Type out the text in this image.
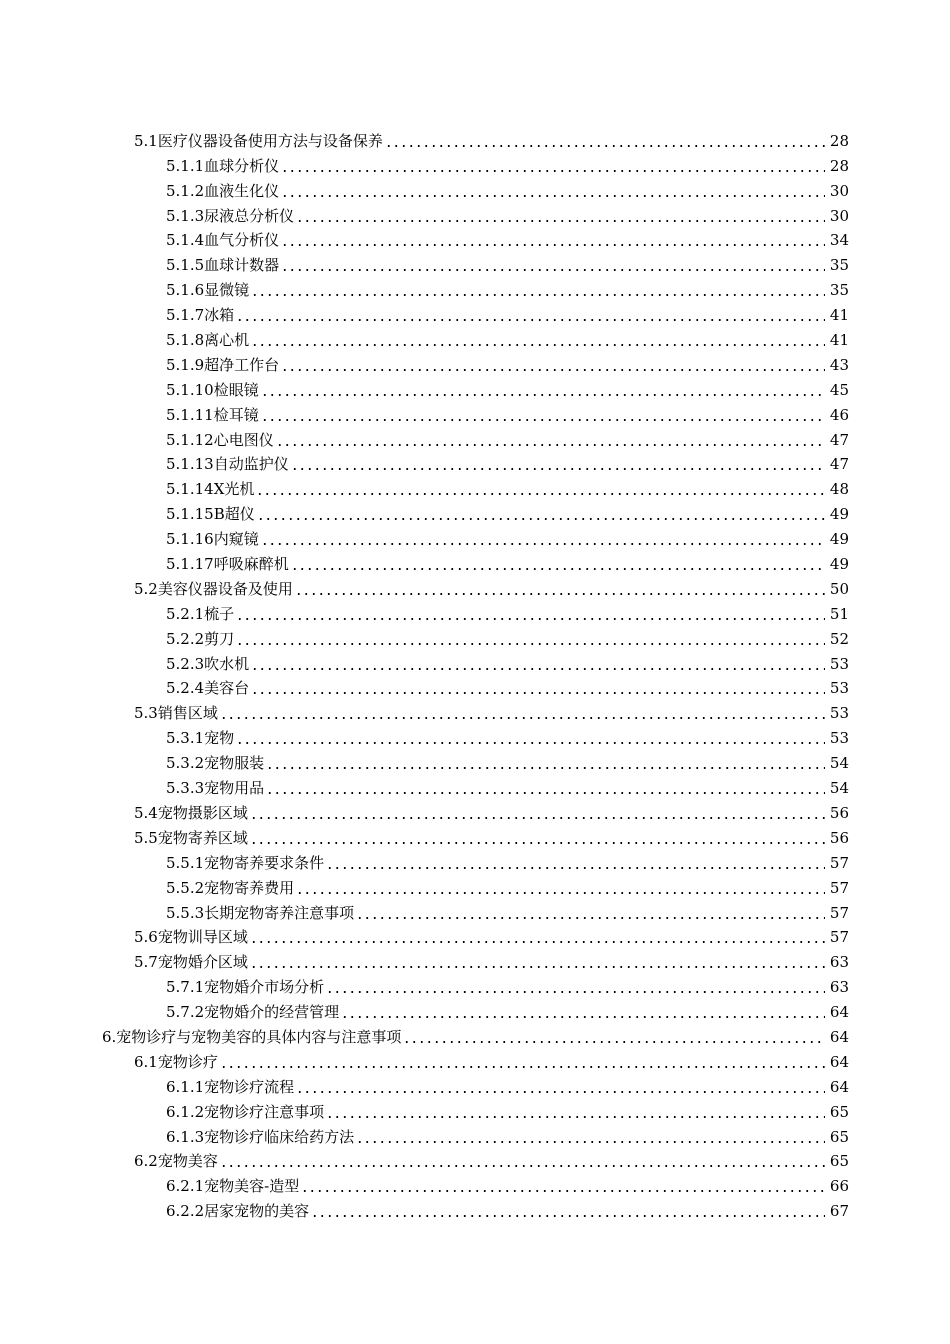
5.1医疗仪器设备使用方法与设备保养	28
5.1.1血球分析仪	28
5.1.2血液生化仪	30
5.1.3尿液总分析仪	30
5.1.4血气分析仪	34
5.1.5血球计数器	35
5.1.6显微镜	35
5.1.7冰箱	41
5.1.8离心机	41
5.1.9超净工作台	43
5.1.10检眼镜	45
5.1.11检耳镜	46
5.1.12心电图仪	47
5.1.13自动监护仪	47
5.1.14X光机	48
5.1.15B超仪	49
5.1.16内窥镜	49
5.1.17呼吸麻醉机	49
5.2美容仪器设备及使用	50
5.2.1梳子	51
5.2.2剪刀	52
5.2.3吹水机	53
5.2.4美容台	53
5.3销售区域	53
5.3.1宠物	53
5.3.2宠物服装	54
5.3.3宠物用品	54
5.4宠物摄影区域	56
5.5宠物寄养区域	56
5.5.1宠物寄养要求条件	57
5.5.2宠物寄养费用	57
5.5.3长期宠物寄养注意事项	57
5.6宠物训导区域	57
5.7宠物婚介区域	63
5.7.1宠物婚介市场分析	63
5.7.2宠物婚介的经营管理	64
6.宠物诊疗与宠物美容的具体内容与注意事项	64
6.1宠物诊疗	64
6.1.1宠物诊疗流程	64
6.1.2宠物诊疗注意事项	65
6.1.3宠物诊疗临床给药方法	65
6.2宠物美容	65
6.2.1宠物美容-造型	66
6.2.2居家宠物的美容	67
